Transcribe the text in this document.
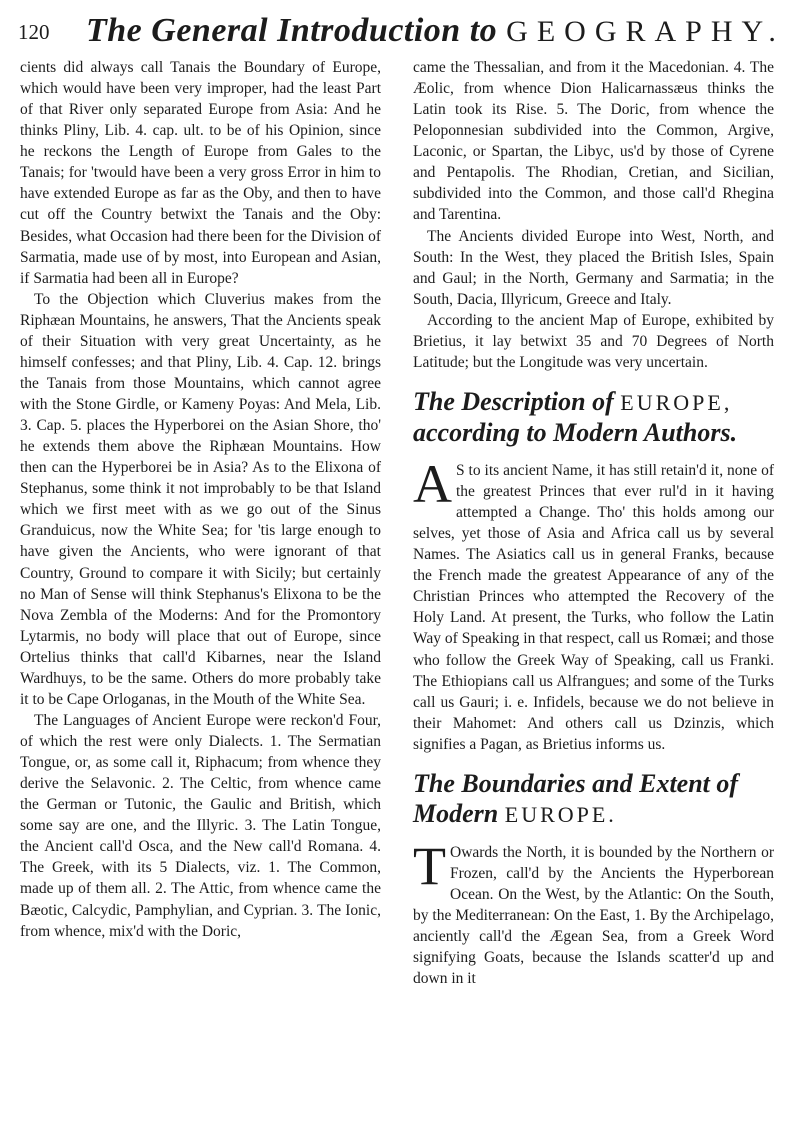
120 The General Introduction to GEOGRAPHY.

cients did always call Tanais the Boundary of Europe, which would have been very improper, had the least Part of that River only separated Europe from Asia: And he thinks Pliny, Lib. 4. cap. ult. to be of his Opinion, since he reckons the Length of Europe from Gales to the Tanais; for 'twould have been a very gross Error in him to have extended Europe as far as the Oby, and then to have cut off the Country betwixt the Tanais and the Oby: Besides, what Occasion had there been for the Division of Sarmatia, made use of by most, into European and Asian, if Sarmatia had been all in Europe?

To the Objection which Cluverius makes from the Riphæan Mountains, he answers, That the Ancients speak of their Situation with very great Uncertainty, as he himself confesses; and that Pliny, Lib. 4. Cap. 12. brings the Tanais from those Mountains, which cannot agree with the Stone Girdle, or Kameny Poyas: And Mela, Lib. 3. Cap. 5. places the Hyperborei on the Asian Shore, tho' he extends them above the Riphæan Mountains. How then can the Hyperborei be in Asia? As to the Elixona of Stephanus, some think it not improbably to be that Island which we first meet with as we go out of the Sinus Granduicus, now the White Sea; for 'tis large enough to have given the Ancients, who were ignorant of that Country, Ground to compare it with Sicily; but certainly no Man of Sense will think Stephanus's Elixona to be the Nova Zembla of the Moderns: And for the Promontory Lytarmis, no body will place that out of Europe, since Ortelius thinks that call'd Kibarnes, near the Island Wardhuys, to be the same. Others do more probably take it to be Cape Orloganas, in the Mouth of the White Sea.

The Languages of Ancient Europe were reckon'd Four, of which the rest were only Dialects. 1. The Sermatian Tongue, or, as some call it, Riphacum; from whence they derive the Selavonic. 2. The Celtic, from whence came the German or Tutonic, the Gaulic and British, which some say are one, and the Illyric. 3. The Latin Tongue, the Ancient call'd Osca, and the New call'd Romana. 4. The Greek, with its 5 Dialects, viz. 1. The Common, made up of them all. 2. The Attic, from whence came the Bæotic, Calcydic, Pamphylian, and Cyprian. 3. The Ionic, from whence, mix'd with the Doric,

came the Thessalian, and from it the Macedonian. 4. The Æolic, from whence Dion Halicarnassæus thinks the Latin took its Rise. 5. The Doric, from whence the Peloponnesian subdivided into the Common, Argive, Laconic, or Spartan, the Libyc, us'd by those of Cyrene and Pentapolis. The Rhodian, Cretian, and Sicilian, subdivided into the Common, and those call'd Rhegina and Tarentina.

The Ancients divided Europe into West, North, and South: In the West, they placed the British Isles, Spain and Gaul; in the North, Germany and Sarmatia; in the South, Dacia, Illyricum, Greece and Italy.

According to the ancient Map of Europe, exhibited by Brietius, it lay betwixt 35 and 70 Degrees of North Latitude; but the Longitude was very uncertain.

The Description of EUROPE, according to Modern Authors.

A S to its ancient Name, it has still retain'd it, none of the greatest Princes that ever rul'd in it having attempted a Change. Tho' this holds among our selves, yet those of Asia and Africa call us by several Names. The Asiatics call us in general Franks, because the French made the greatest Appearance of any of the Christian Princes who attempted the Recovery of the Holy Land. At present, the Turks, who follow the Latin Way of Speaking in that respect, call us Romæi; and those who follow the Greek Way of Speaking, call us Franki. The Ethiopians call us Alfrangues; and some of the Turks call us Gauri; i. e. Infidels, because we do not believe in their Mahomet: And others call us Dzinzis, which signifies a Pagan, as Brietius informs us.

The Boundaries and Extent of Modern EUROPE.

T Owards the North, it is bounded by the Northern or Frozen, call'd by the Ancients the Hyperborean Ocean. On the West, by the Atlantic: On the South, by the Mediterranean: On the East, 1. By the Archipelago, anciently call'd the Ægean Sea, from a Greek Word signifying Goats, because the Islands scatter'd up and down in it
